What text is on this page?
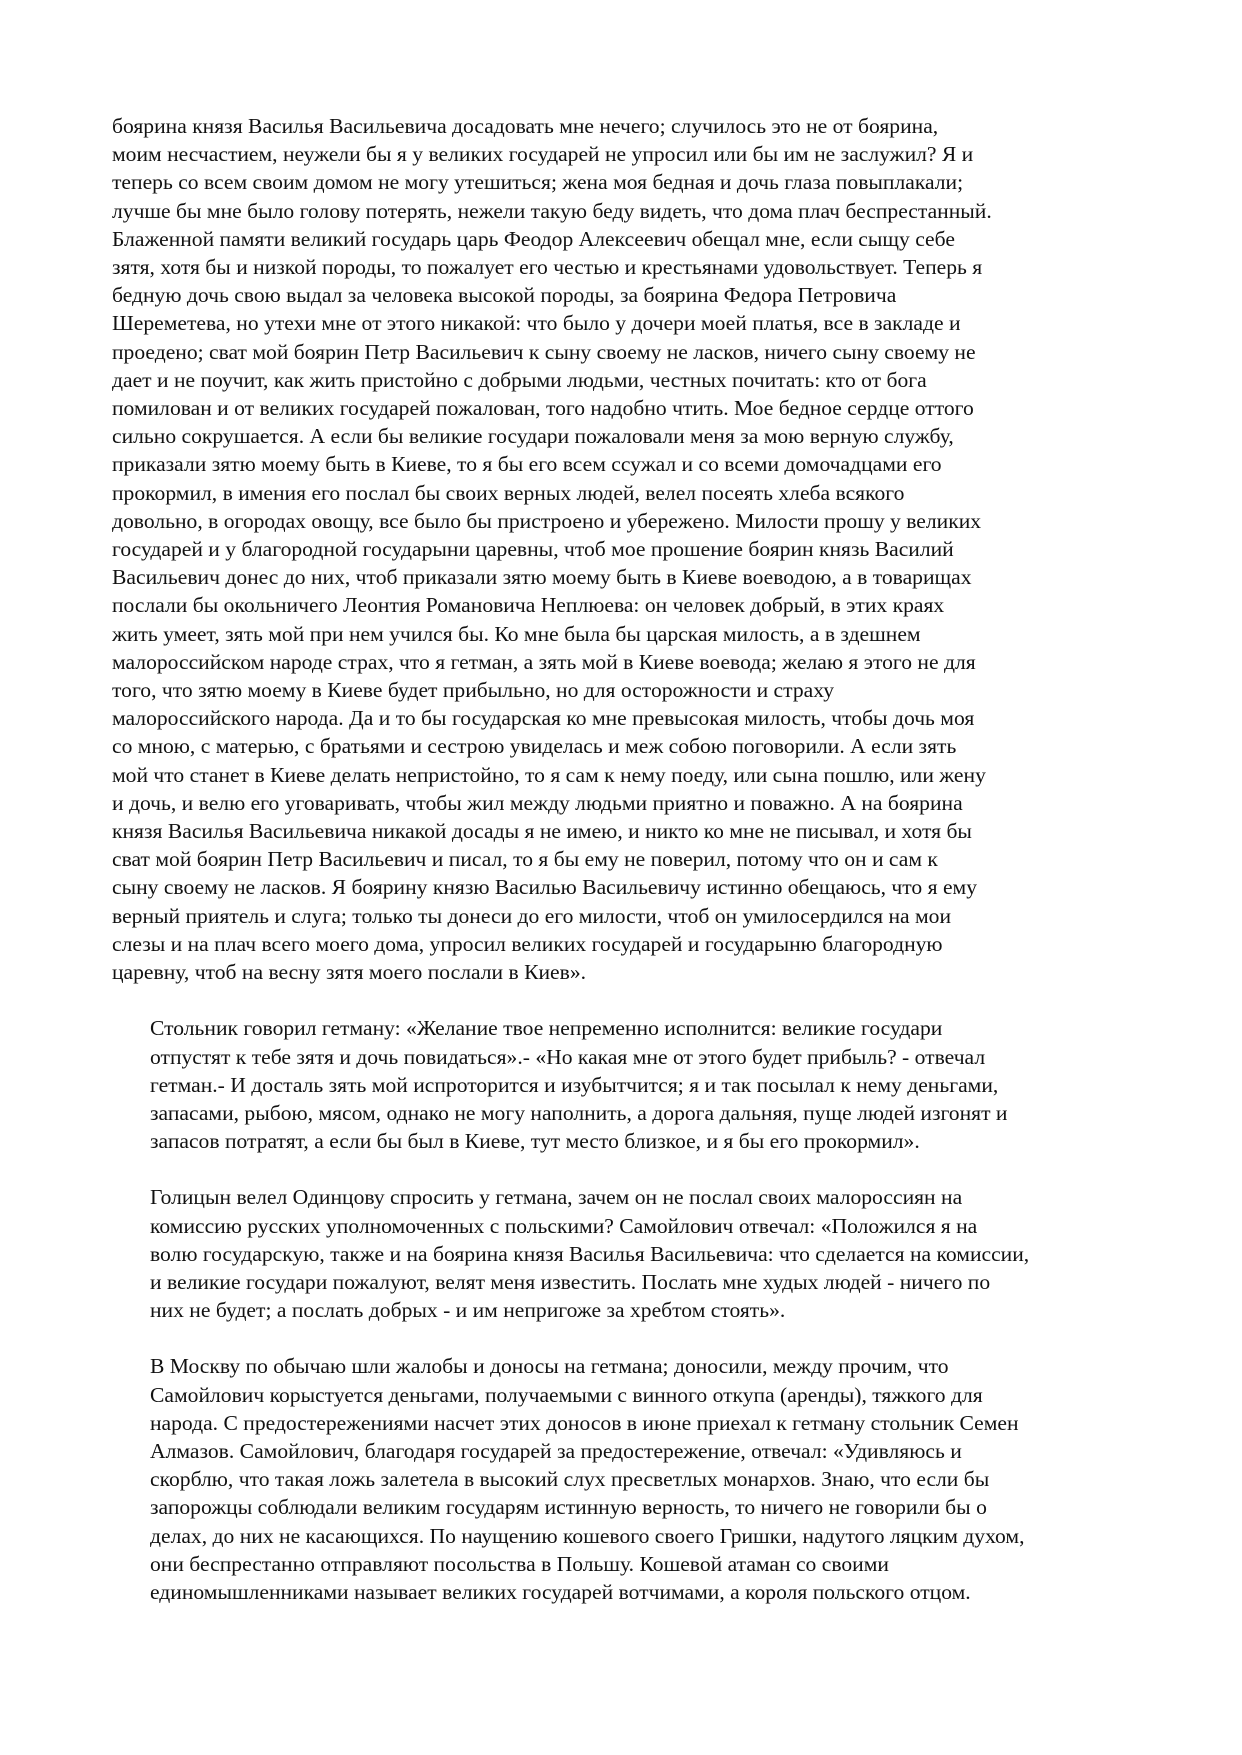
боярина князя Василья Васильевича досадовать мне нечего; случилось это не от боярина,
моим несчастием, неужели бы я у великих государей не упросил или бы им не заслужил? Я и
теперь со всем своим домом не могу утешиться; жена моя бедная и дочь глаза повыплакали;
лучше бы мне было голову потерять, нежели такую беду видеть, что дома плач беспрестанный.
Блаженной памяти великий государь царь Феодор Алексеевич обещал мне, если сыщу себе
зятя, хотя бы и низкой породы, то пожалует его честью и крестьянами удовольствует. Теперь я
бедную дочь свою выдал за человека высокой породы, за боярина Федора Петровича
Шереметева, но утехи мне от этого никакой: что было у дочери моей платья, все в закладе и
проедено; сват мой боярин Петр Васильевич к сыну своему не ласков, ничего сыну своему не
дает и не поучит, как жить пристойно с добрыми людьми, честных почитать: кто от бога
помилован и от великих государей пожалован, того надобно чтить. Мое бедное сердце оттого
сильно сокрушается. А если бы великие государи пожаловали меня за мою верную службу,
приказали зятю моему быть в Киеве, то я бы его всем ссужал и со всеми домочадцами его
прокормил, в имения его послал бы своих верных людей, велел посеять хлеба всякого
довольно, в огородах овощу, все было бы пристроено и убережено. Милости прошу у великих
государей и у благородной государыни царевны, чтоб мое прошение боярин князь Василий
Васильевич донес до них, чтоб приказали зятю моему быть в Киеве воеводою, а в товарищах
послали бы окольничего Леонтия Романовича Неплюева: он человек добрый, в этих краях
жить умеет, зять мой при нем учился бы. Ко мне была бы царская милость, а в здешнем
малороссийском народе страх, что я гетман, а зять мой в Киеве воевода; желаю я этого не для
того, что зятю моему в Киеве будет прибыльно, но для осторожности и страху
малороссийского народа. Да и то бы государская ко мне превысокая милость, чтобы дочь моя
со мною, с матерью, с братьями и сестрою увиделась и меж собою поговорили. А если зять
мой что станет в Киеве делать непристойно, то я сам к нему поеду, или сына пошлю, или жену
и дочь, и велю его уговаривать, чтобы жил между людьми приятно и поважно. А на боярина
князя Василья Васильевича никакой досады я не имею, и никто ко мне не писывал, и хотя бы
сват мой боярин Петр Васильевич и писал, то я бы ему не поверил, потому что он и сам к
сыну своему не ласков. Я боярину князю Василью Васильевичу истинно обещаюсь, что я ему
верный приятель и слуга; только ты донеси до его милости, чтоб он умилосердился на мои
слезы и на плач всего моего дома, упросил великих государей и государыню благородную
царевну, чтоб на весну зятя моего послали в Киев».

Стольник говорил гетману: «Желание твое непременно исполнится: великие государи
отпустят к тебе зятя и дочь повидаться».- «Но какая мне от этого будет прибыль? - отвечал
гетман.- И досталь зять мой испроторится и изубытчится; я и так посылал к нему деньгами,
запасами, рыбою, мясом, однако не могу наполнить, а дорога дальняя, пуще людей изгонят и
запасов потратят, а если бы был в Киеве, тут место близкое, и я бы его прокормил».

Голицын велел Одинцову спросить у гетмана, зачем он не послал своих малороссиян на
комиссию русских уполномоченных с польскими? Самойлович отвечал: «Положился я на
волю государскую, также и на боярина князя Василья Васильевича: что сделается на комиссии,
и великие государи пожалуют, велят меня известить. Послать мне худых людей - ничего по
них не будет; а послать добрых - и им непригоже за хребтом стоять».

В Москву по обычаю шли жалобы и доносы на гетмана; доносили, между прочим, что
Самойлович корыстуется деньгами, получаемыми с винного откупа (аренды), тяжкого для
народа. С предостережениями насчет этих доносов в июне приехал к гетману стольник Семен
Алмазов. Самойлович, благодаря государей за предостережение, отвечал: «Удивляюсь и
скорблю, что такая ложь залетела в высокий слух пресветлых монархов. Знаю, что если бы
запорожцы соблюдали великим государям истинную верность, то ничего не говорили бы о
делах, до них не касающихся. По наущению кошевого своего Гришки, надутого ляцким духом,
они беспрестанно отправляют посольства в Польшу. Кошевой атаман со своими
единомышленниками называет великих государей вотчимами, а короля польского отцом.
